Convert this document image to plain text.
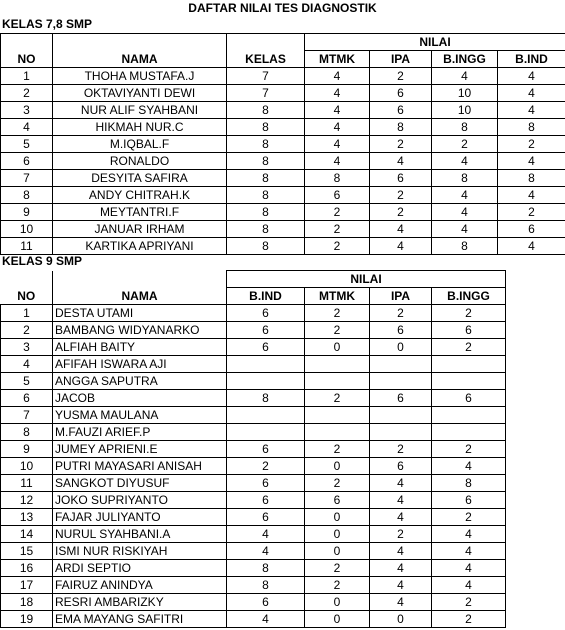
DAFTAR NILAI TES DIAGNOSTIK
KELAS 7,8 SMP
			NILAI			
NO	NAMA	KELAS	MTMK	IPA	B.INGG	B.IND
1	THOHA MUSTAFA.J	7	4	2	4	4
2	OKTAVIYANTI DEWI	7	4	6	10	4
3	NUR ALIF SYAHBANI	8	4	6	10	4
4	HIKMAH NUR.C	8	4	8	8	8
5	M.IQBAL.F	8	4	2	2	2
6	RONALDO	8	4	4	4	4
7	DESYITA SAFIRA	8	8	6	8	8
8	ANDY CHITRAH.K	8	6	2	4	4
9	MEYTANTRI.F	8	2	2	4	2
10	JANUAR IRHAM	8	2	4	4	6
11	KARTIKA APRIYANI	8	2	4	8	4
KELAS 9 SMP
		NILAI			
NO	NAMA	B.IND	MTMK	IPA	B.INGG
1	DESTA UTAMI	6	2	2	2
2	BAMBANG WIDYANARKO	6	2	6	6
3	ALFIAH BAITY	6	0	0	2
4	AFIFAH ISWARA AJI				
5	ANGGA SAPUTRA				
6	JACOB	8	2	6	6
7	YUSMA MAULANA				
8	M.FAUZI ARIEF.P				
9	JUMEY APRIENI.E	6	2	2	2
10	PUTRI MAYASARI ANISAH	2	0	6	4
11	SANGKOT DIYUSUF	6	2	4	8
12	JOKO SUPRIYANTO	6	6	4	6
13	FAJAR JULIYANTO	6	0	4	2
14	NURUL SYAHBANI.A	4	0	2	4
15	ISMI NUR RISKIYAH	4	0	4	4
16	ARDI SEPTIO	8	2	4	4
17	FAIRUZ ANINDYA	8	2	4	4
18	RESRI AMBARIZKY	6	0	4	2
19	EMA MAYANG SAFITRI	4	0	0	2
